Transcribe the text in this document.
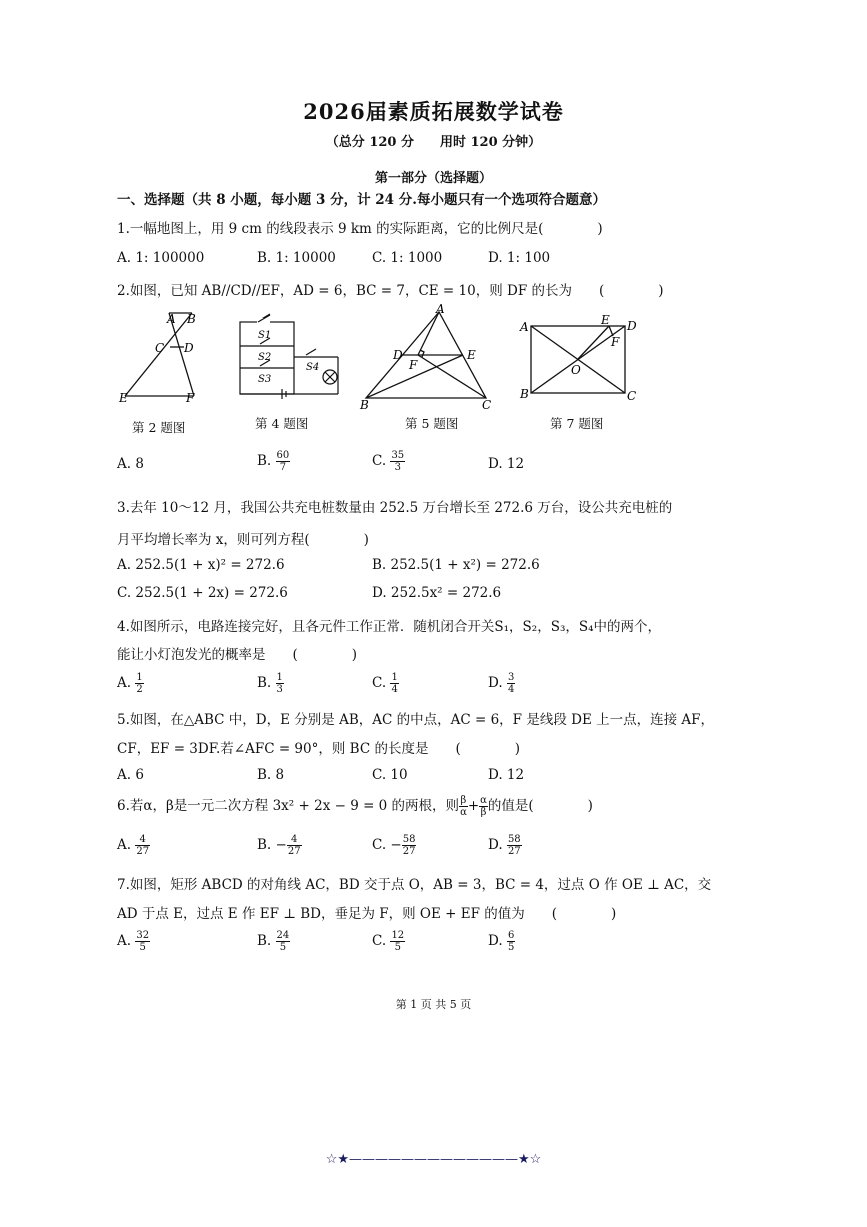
2026届素质拓展数学试卷
（总分 120 分　　用时 120 分钟）
第一部分（选择题）
一、选择题（共 8 小题，每小题 3 分，计 24 分.每小题只有一个选项符合题意）
1.一幅地图上，用 9 cm 的线段表示 9 km 的实际距离，它的比例尺是(　　　　)
A. 1: 100000	B. 1: 10000	C. 1: 1000	D. 1: 100
2.如图，已知 AB//CD//EF，AD = 6，BC = 7，CE = 10，则 DF 的长为　　(　　　　)
A B
C D
E	F
第 2 题图
S1
S2
S3
S4
第 4 题图
A
B	C
D	E
F
第 5 题图
A
B	C
D
E
F
O
第 7 题图
A. 8	B. $\frac{60}{7}$	C. $\frac{35}{3}$	D. 12
3.去年 10～12 月，我国公共充电桩数量由 252.5 万台增长至 272.6 万台，设公共充电桩的
月平均增长率为 x，则可列方程(　　　　)
A. 252.5(1 + x)² = 272.6	B. 252.5(1 + x²) = 272.6
C. 252.5(1 + 2x) = 272.6	D. 252.5x² = 272.6
4.如图所示，电路连接完好，且各元件工作正常．随机闭合开关S₁，S₂，S₃，S₄中的两个，
能让小灯泡发光的概率是　　(　　　　)
A. $\frac{1}{2}$	B. $\frac{1}{3}$	C. $\frac{1}{4}$	D. $\frac{3}{4}$
5.如图，在△ABC 中，D，E 分别是 AB，AC 的中点，AC = 6，F 是线段 DE 上一点，连接 AF，
CF，EF = 3DF.若∠AFC = 90°，则 BC 的长度是　　(　　　　)
A. 6	B. 8	C. 10	D. 12
6.若α，β是一元二次方程 3x² + 2x − 9 = 0 的两根，则 $\frac{\beta}{\alpha} + \frac{\alpha}{\beta}$ 的值是(　　　　)
A. $\frac{4}{27}$	B. − $\frac{4}{27}$	C. − $\frac{58}{27}$	D. $\frac{58}{27}$
7.如图，矩形 ABCD 的对角线 AC，BD 交于点 O，AB = 3，BC = 4，过点 O 作 OE ⊥ AC，交
AD 于点 E，过点 E 作 EF ⊥ BD，垂足为 F，则 OE + EF 的值为　　(　　　　)
A. $\frac{32}{5}$	B. $\frac{24}{5}$	C. $\frac{12}{5}$	D. $\frac{6}{5}$
第 1 页 共 5 页
☆★—————————————★☆
